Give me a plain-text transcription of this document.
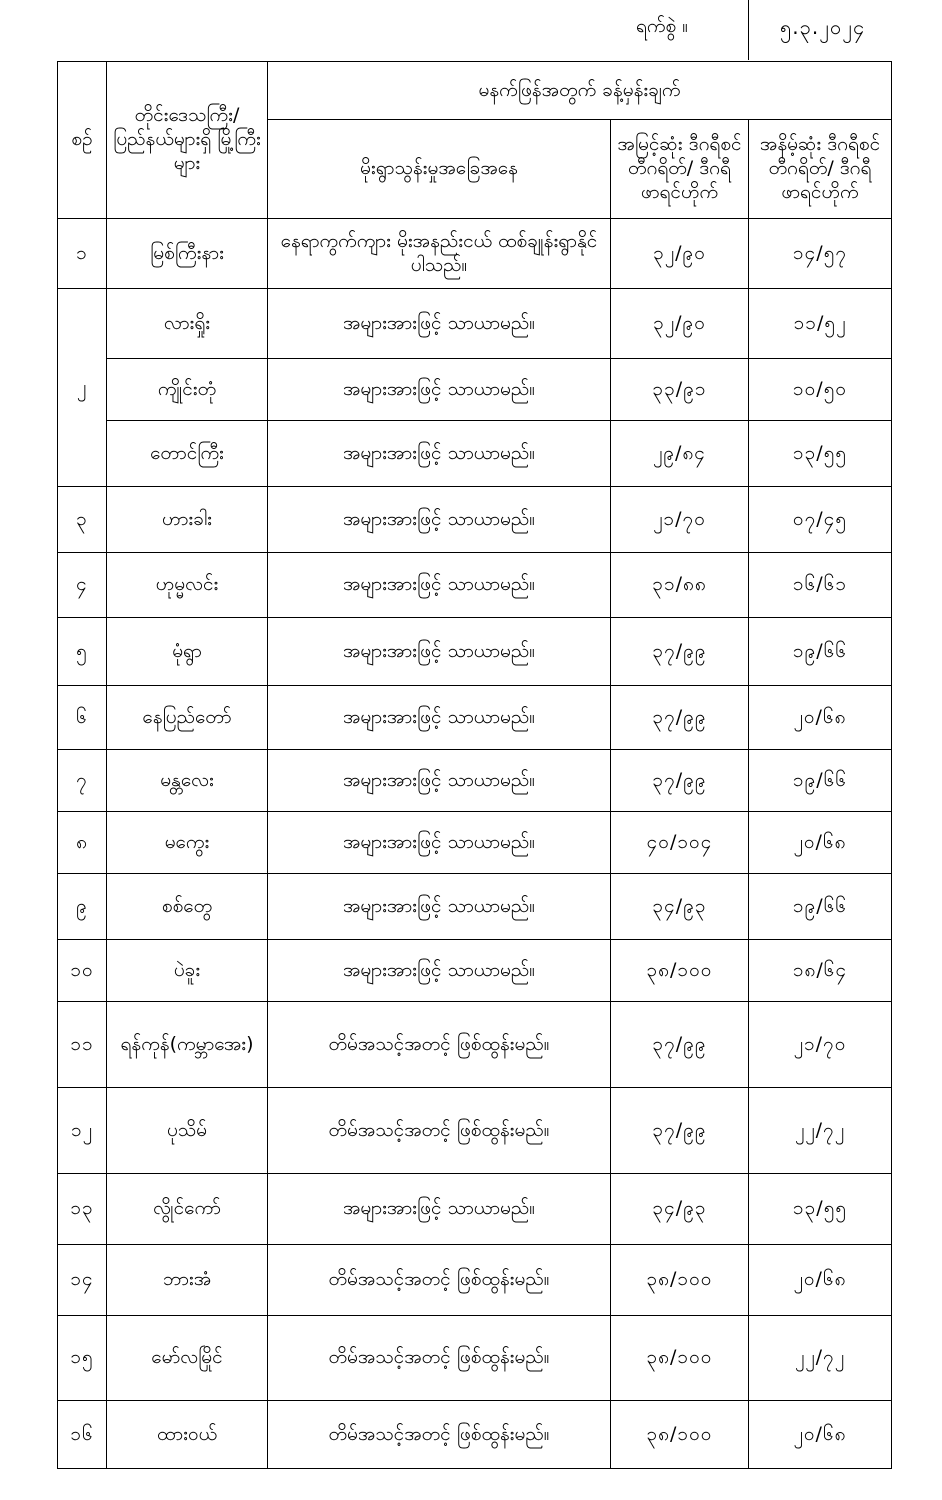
ရက်စွဲ ။	၅.၃.၂၀၂၄
စဉ်	တိုင်းဒေသကြီး/ ပြည်နယ်များရှိ မြို့ကြီးများ	မနက်ဖြန်အတွက် ခန့်မှန်းချက်		
		မိုးရွာသွန်းမှုအခြေအနေ	အမြင့်ဆုံး ဒီဂရီစင်တီဂရိတ်/ ဒီဂရီဖာရင်ဟိုက်	အနိမ့်ဆုံး ဒီဂရီစင်တီဂရိတ်/ ဒီဂရီဖာရင်ဟိုက်
၁	မြစ်ကြီးနား	နေရာကွက်ကျား မိုးအနည်းငယ် ထစ်ချုန်းရွာနိုင်ပါသည်။	၃၂/၉၀	၁၄/၅၇
၂	လားရှိုး	အများအားဖြင့် သာယာမည်။	၃၂/၉၀	၁၁/၅၂
	ကျိုင်းတုံ	အများအားဖြင့် သာယာမည်။	၃၃/၉၁	၁၀/၅၀
	တောင်ကြီး	အများအားဖြင့် သာယာမည်။	၂၉/၈၄	၁၃/၅၅
၃	ဟားခါး	အများအားဖြင့် သာယာမည်။	၂၁/၇၀	၀၇/၄၅
၄	ဟုမ္မလင်း	အများအားဖြင့် သာယာမည်။	၃၁/၈၈	၁၆/၆၁
၅	မုံရွာ	အများအားဖြင့် သာယာမည်။	၃၇/၉၉	၁၉/၆၆
၆	နေပြည်တော်	အများအားဖြင့် သာယာမည်။	၃၇/၉၉	၂၀/၆၈
၇	မန္တလေး	အများအားဖြင့် သာယာမည်။	၃၇/၉၉	၁၉/၆၆
၈	မကွေး	အများအားဖြင့် သာယာမည်။	၄၀/၁၀၄	၂၀/၆၈
၉	စစ်တွေ	အများအားဖြင့် သာယာမည်။	၃၄/၉၃	၁၉/၆၆
၁၀	ပဲခူး	အများအားဖြင့် သာယာမည်။	၃၈/၁၀၀	၁၈/၆၄
၁၁	ရန်ကုန်(ကမ္ဘာအေး)	တိမ်အသင့်အတင့် ဖြစ်ထွန်းမည်။	၃၇/၉၉	၂၁/၇၀
၁၂	ပုသိမ်	တိမ်အသင့်အတင့် ဖြစ်ထွန်းမည်။	၃၇/၉၉	၂၂/၇၂
၁၃	လွိုင်ကော်	အများအားဖြင့် သာယာမည်။	၃၄/၉၃	၁၃/၅၅
၁၄	ဘားအံ	တိမ်အသင့်အတင့် ဖြစ်ထွန်းမည်။	၃၈/၁၀၀	၂၀/၆၈
၁၅	မော်လမြိုင်	တိမ်အသင့်အတင့် ဖြစ်ထွန်းမည်။	၃၈/၁၀၀	၂၂/၇၂
၁၆	ထားဝယ်	တိမ်အသင့်အတင့် ဖြစ်ထွန်းမည်။	၃၈/၁၀၀	၂၀/၆၈
